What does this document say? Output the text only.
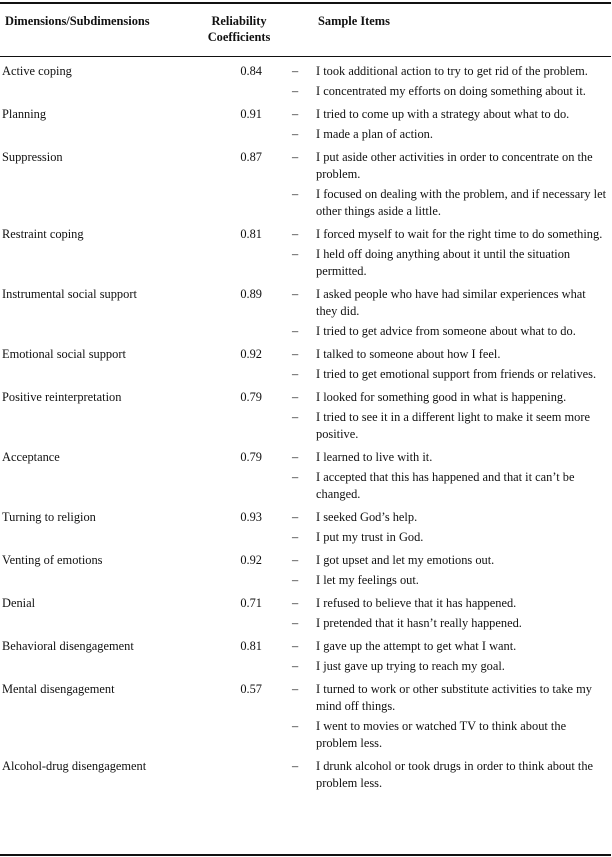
Dimensions/Subdimensions	Reliability Coefficients
Sample Items
Active coping	0.84 – I took additional action to try to get rid of the problem.
– I concentrated my efforts on doing something about it.
Planning	0.91 – I tried to come up with a strategy about what to do.
– I made a plan of action.
Suppression	0.87 – I put aside other activities in order to concentrate on the problem.
– I focused on dealing with the problem, and if necessary let other things aside a little.
Restraint coping	0.81 – I forced myself to wait for the right time to do something.
– I held off doing anything about it until the situation permitted.
Instrumental social support	0.89 – I asked people who have had similar experiences what they did.
– I tried to get advice from someone about what to do.
Emotional social support	0.92 – I talked to someone about how I feel.
– I tried to get emotional support from friends or relatives.
Positive reinterpretation	0.79 – I looked for something good in what is happening.
– I tried to see it in a different light to make it seem more positive.
Acceptance	0.79 – I learned to live with it.
– I accepted that this has happened and that it can’t be changed.
Turning to religion	0.93 – I seeked God’s help.
– I put my trust in God.
Venting of emotions	0.92 – I got upset and let my emotions out.
– I let my feelings out.
Denial	0.71 – I refused to believe that it has happened.
– I pretended that it hasn’t really happened.
Behavioral disengagement	0.81 – I gave up the attempt to get what I want.
– I just gave up trying to reach my goal.
Mental disengagement	0.57 – I turned to work or other substitute activities to take my mind off things.
– I went to movies or watched TV to think about the problem less.
Alcohol-drug disengagement	– I drunk alcohol or took drugs in order to think about the problem less.
